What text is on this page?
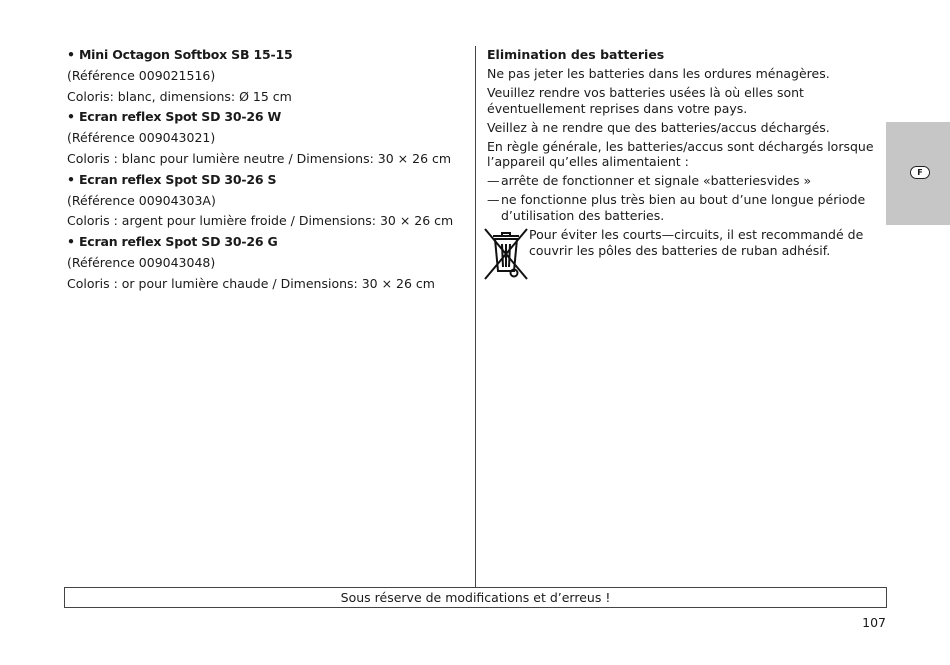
• Mini Octagon Softbox SB 15-15

(Référence 009021516)

Coloris: blanc, dimensions: Ø 15 cm

• Ecran reflex Spot SD 30-26 W

(Référence 009043021)

Coloris : blanc pour lumière neutre / Dimensions: 30 × 26 cm

• Ecran reflex Spot SD 30-26 S

(Référence 00904303A)

Coloris : argent pour lumière froide / Dimensions: 30 × 26 cm

• Ecran reflex Spot SD 30-26 G

(Référence 009043048)

Coloris : or pour lumière chaude / Dimensions: 30 × 26 cm

Elimination des batteries
Ne pas jeter les batteries dans les ordures ménagères.
Veuillez rendre vos batteries usées là où elles sont éventuellement reprises dans votre pays.
Veillez à ne rendre que des batteries/accus déchargés.
En règle générale, les batteries/accus sont déchargés lorsque l’appareil qu’elles alimentaient :
— arrête de fonctionner et signale «batteriesvides »
— ne fonctionne plus très bien au bout d’une longue période d’utilisation des batteries.
Pour éviter les courts—circuits, il est recommandé de couvrir les pôles des batteries de ruban adhésif.
F
Sous réserve de modifications et d’erreus !
107
